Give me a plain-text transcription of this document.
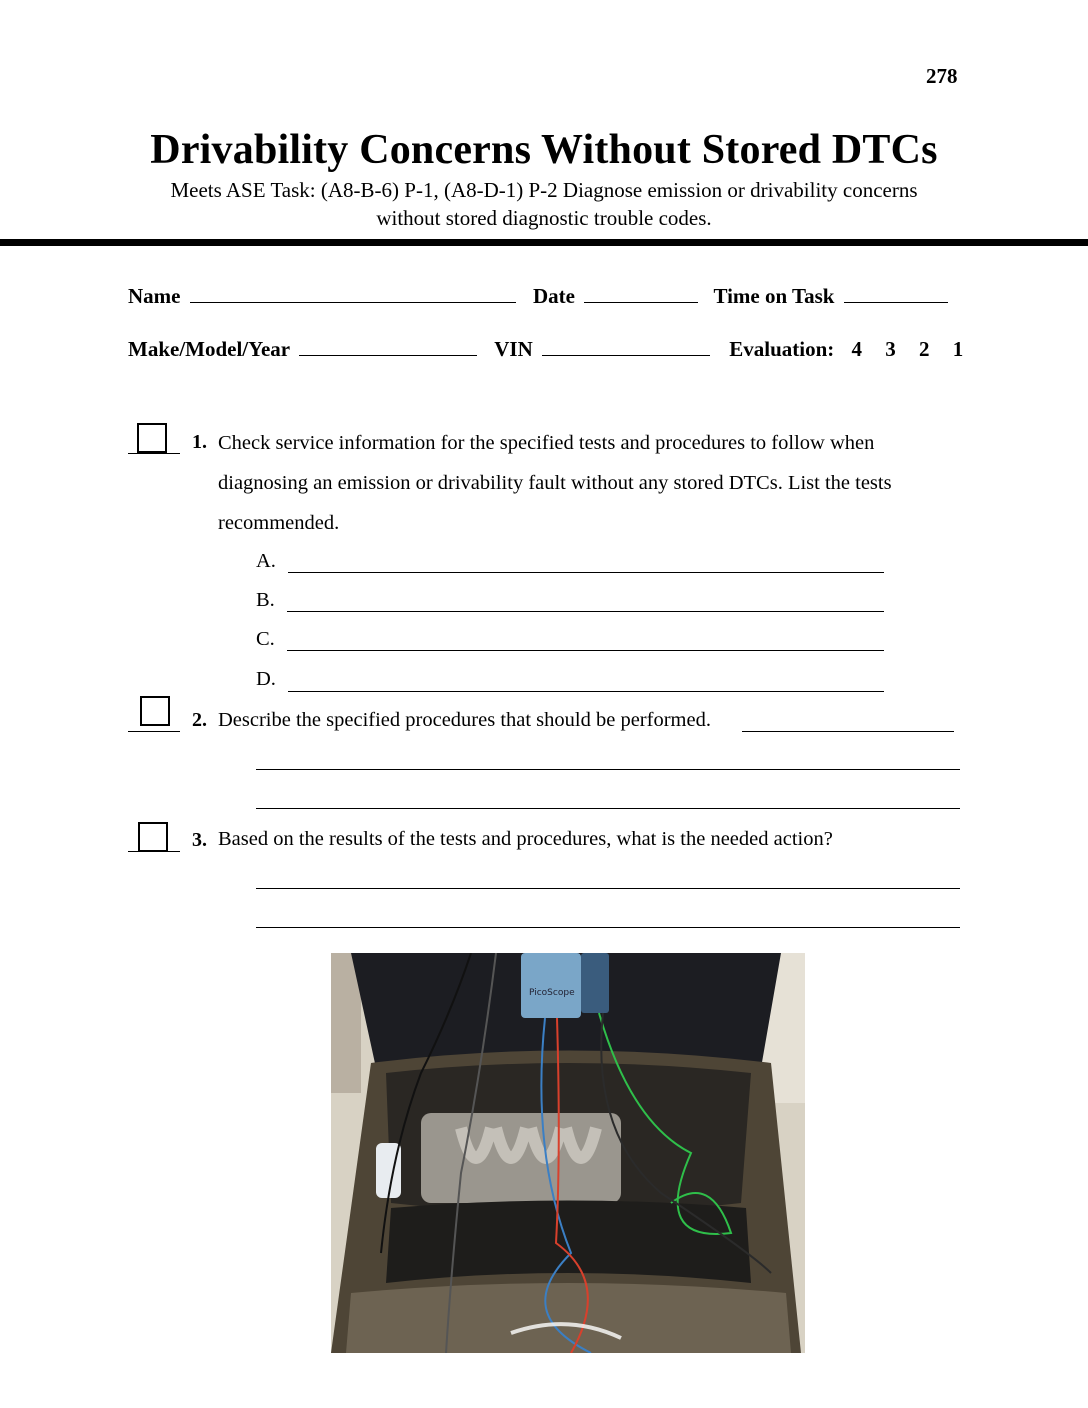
278
Drivability Concerns Without Stored DTCs
Meets ASE Task: (A8-B-6) P-1, (A8-D-1) P-2 Diagnose emission or drivability concerns
without stored diagnostic trouble codes.
Name	Date	Time on Task
Make/Model/Year	VIN	Evaluation: 4 3 2 1
1. Check service information for the specified tests and procedures to follow when
diagnosing an emission or drivability fault without any stored DTCs. List the tests
recommended.
A.
B.
C.
D.
2. Describe the specified procedures that should be performed.
3. Based on the results of the tests and procedures, what is the needed action?
PicoScope
